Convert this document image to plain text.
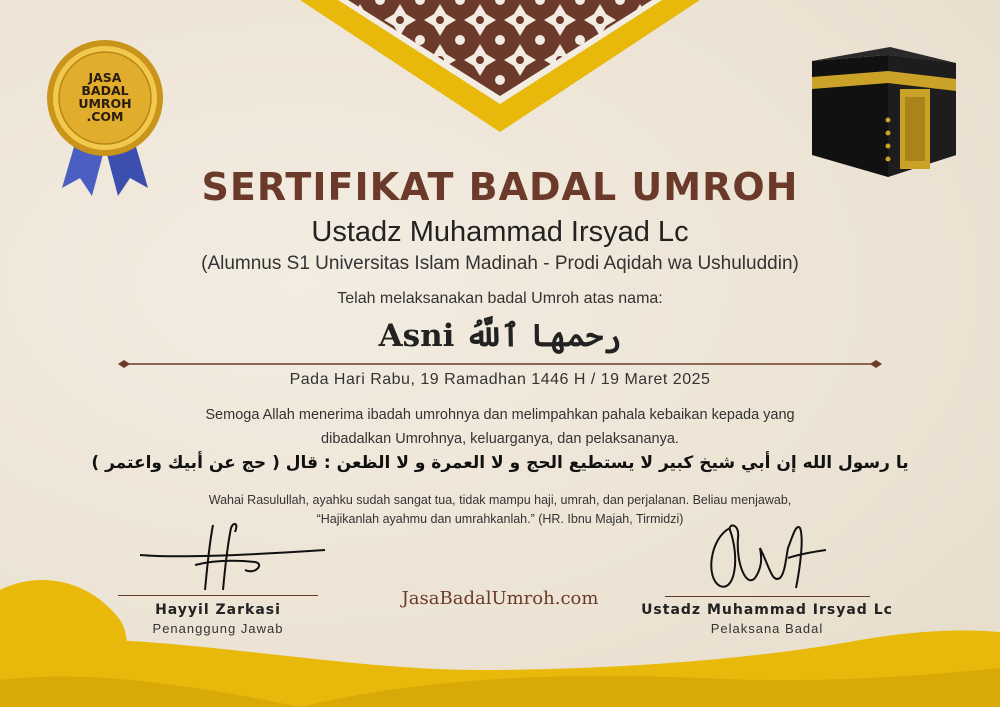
JASA
BADAL
UMROH
.COM
SERTIFIKAT BADAL UMROH
Ustadz Muhammad Irsyad Lc
(Alumnus S1 Universitas Islam Madinah - Prodi Aqidah wa Ushuluddin)
Telah melaksanakan badal Umroh atas nama:
Asni رحمها ٱللَّهُ
Pada Hari Rabu, 19 Ramadhan 1446 H / 19 Maret 2025
Semoga Allah menerima ibadah umrohnya dan melimpahkan pahala kebaikan kepada yang
dibadalkan Umrohnya, keluarganya, dan pelaksananya.
يا رسول الله إن أبي شيخ كبير لا يستطيع الحج و لا العمرة و لا الظعن : قال ( حج عن أبيك واعتمر )
Wahai Rasulullah, ayahku sudah sangat tua, tidak mampu haji, umrah, dan perjalanan. Beliau menjawab,
“Hajikanlah ayahmu dan umrahkanlah.” (HR. Ibnu Majah, Tirmidzi)
Hayyil Zarkasi
Penanggung Jawab
JasaBadalUmroh.com
Ustadz Muhammad Irsyad Lc
Pelaksana Badal
